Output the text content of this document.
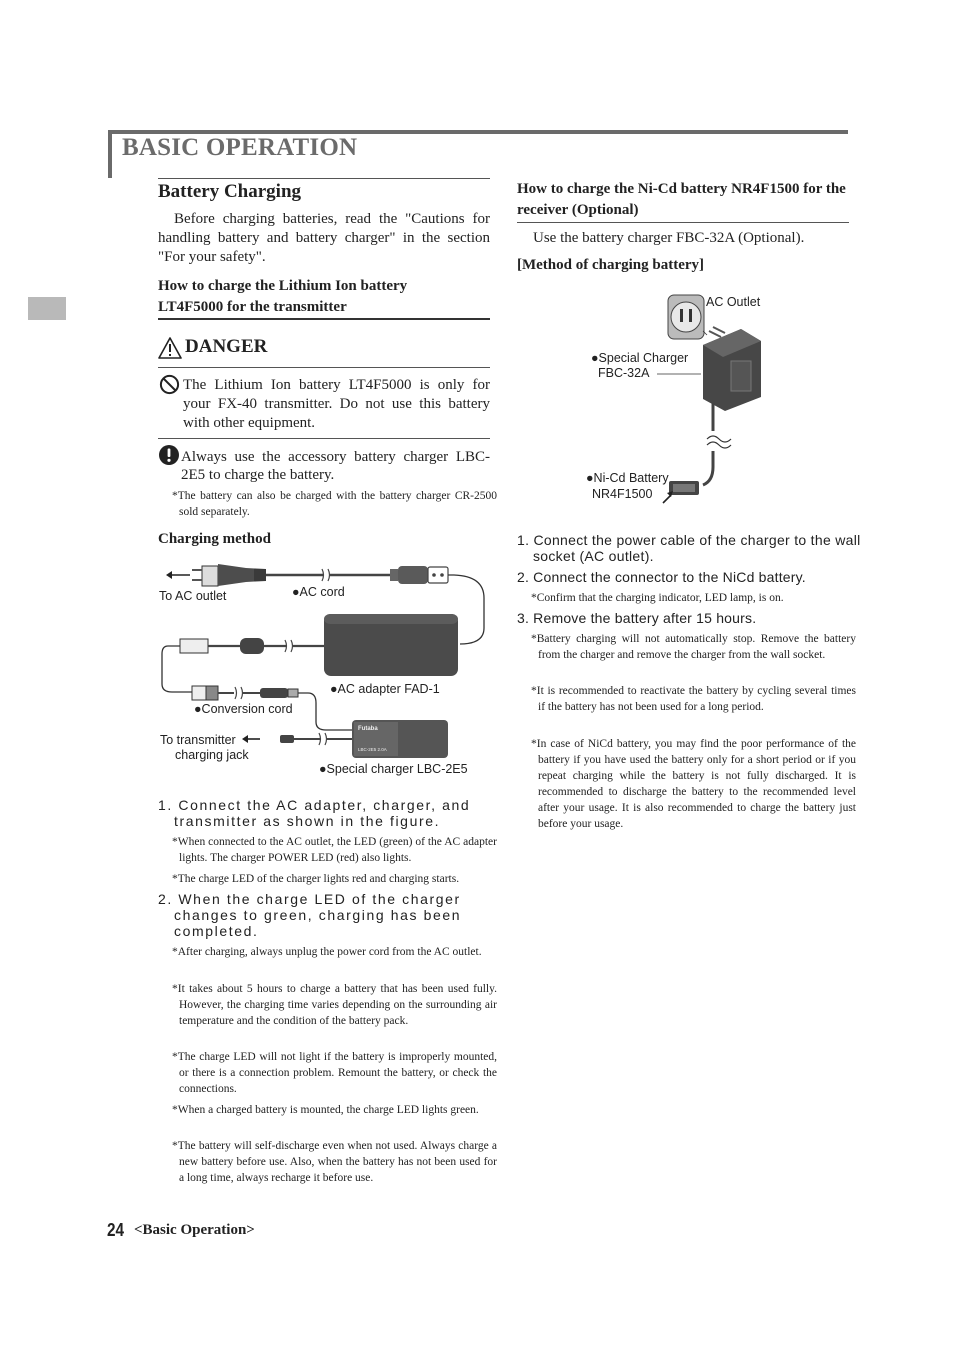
BASIC OPERATION
Battery Charging
Before charging batteries, read the "Cautions for handling battery and battery charger" in the section "For your safety".
How to charge the Lithium Ion battery
LT4F5000 for the transmitter
DANGER
The Lithium Ion battery LT4F5000 is only for your FX-40 transmitter. Do not use this battery with other equipment.
Always use the accessory battery charger LBC-2E5 to charge the battery.
*The battery can also be charged with the battery charger CR-2500 sold separately.
Charging method
Futaba
LBC-2E5 2.0A
To AC outlet	●AC cord
●AC adapter FAD-1
●Conversion cord
To transmitter
charging jack
●Special charger LBC-2E5
1. Connect the AC adapter, charger, and transmitter as shown in the figure.
*When connected to the AC outlet, the LED (green) of the AC adapter lights. The charger POWER LED (red) also lights.
*The charge LED of the charger lights red and charging starts.
2. When the charge LED of the charger changes to green, charging has been completed.
*After charging, always unplug the power cord from the AC outlet.
*It takes about 5 hours to charge a battery that has been used fully. However, the charging time varies depending on the surrounding air temperature and the condition of the battery pack.
*The charge LED will not light if the battery is improperly mounted, or there is a connection problem. Remount the battery, or check the connections.
*When a charged battery is mounted, the charge LED lights green.
*The battery will self-discharge even when not used. Always charge a new battery before use. Also, when the battery has not been used for a long time, always recharge it before use.
How to charge the Ni-Cd battery NR4F1500 for the receiver (Optional)
Use the battery charger FBC-32A (Optional).
[Method of charging battery]
AC Outlet
●Special Charger
FBC-32A
●Ni-Cd Battery
NR4F1500
1. Connect the power cable of the charger to the wall socket (AC outlet).
2. Connect the connector to the NiCd battery.
*Confirm that the charging indicator, LED lamp, is on.
3. Remove the battery after 15 hours.
*Battery charging will not automatically stop. Remove the battery from the charger and remove the charger from the wall socket.
*It is recommended to reactivate the battery by cycling several times if the battery has not been used for a long period.
*In case of NiCd battery, you may find the poor performance of the battery if you have used the battery only for a short period or if you repeat charging while the battery is not fully discharged. It is recommended to discharge the battery to the recommended level after your usage. It is also recommended to charge the battery just before your usage.
24 <Basic Operation>
